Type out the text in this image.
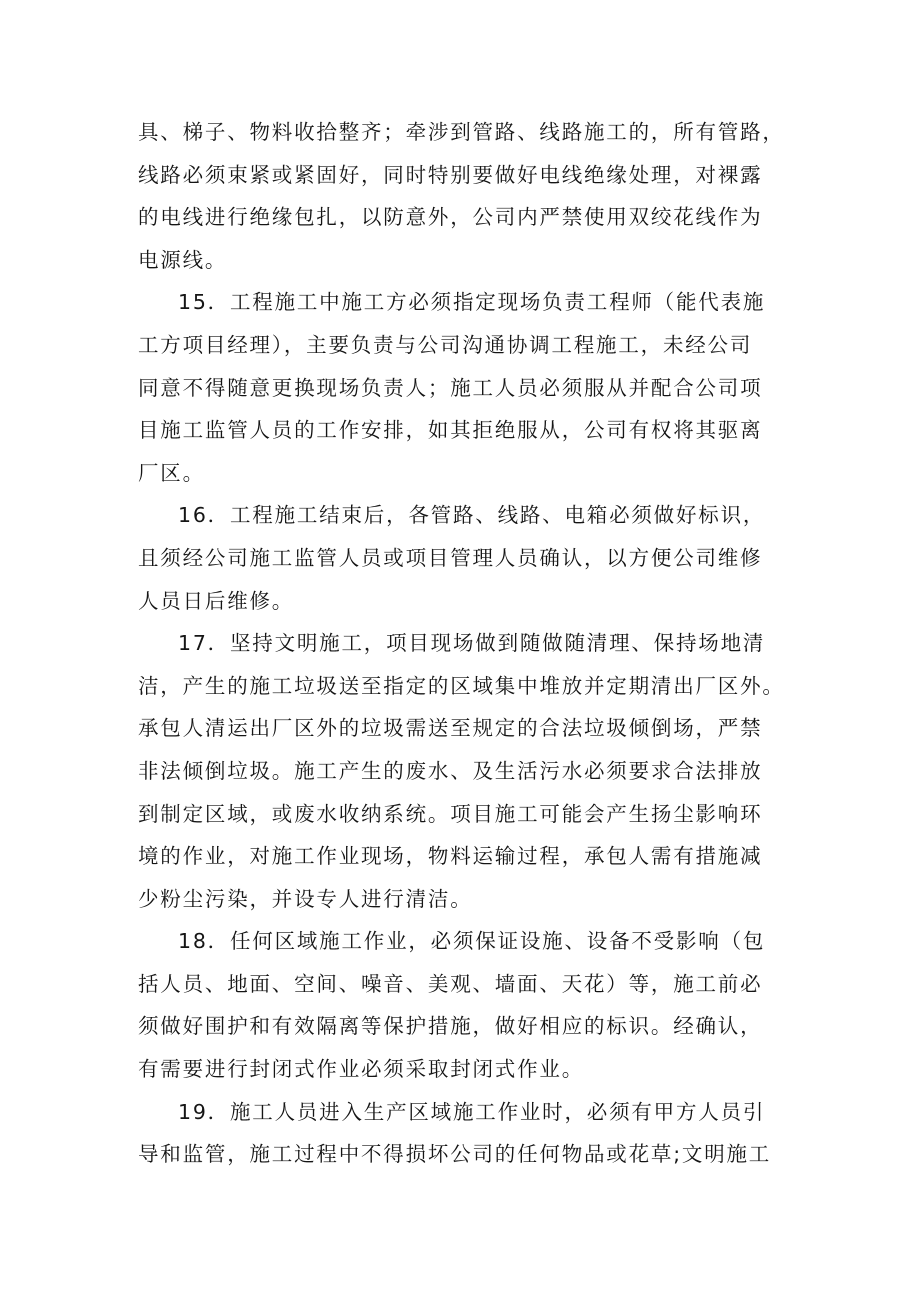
具、梯子、物料收拾整齐；牵涉到管路、线路施工的，所有管路，
线路必须束紧或紧固好，同时特别要做好电线绝缘处理，对裸露
的电线进行绝缘包扎，以防意外，公司内严禁使用双绞花线作为
电源线。
15．工程施工中施工方必须指定现场负责工程师（能代表施
工方项目经理），主要负责与公司沟通协调工程施工，未经公司
同意不得随意更换现场负责人；施工人员必须服从并配合公司项
目施工监管人员的工作安排，如其拒绝服从，公司有权将其驱离
厂区。
16．工程施工结束后，各管路、线路、电箱必须做好标识，
且须经公司施工监管人员或项目管理人员确认，以方便公司维修
人员日后维修。
17．坚持文明施工，项目现场做到随做随清理、保持场地清
洁，产生的施工垃圾送至指定的区域集中堆放并定期清出厂区外。
承包人清运出厂区外的垃圾需送至规定的合法垃圾倾倒场，严禁
非法倾倒垃圾。施工产生的废水、及生活污水必须要求合法排放
到制定区域，或废水收纳系统。项目施工可能会产生扬尘影响环
境的作业，对施工作业现场，物料运输过程，承包人需有措施减
少粉尘污染，并设专人进行清洁。
18．任何区域施工作业，必须保证设施、设备不受影响（包
括人员、地面、空间、噪音、美观、墙面、天花）等，施工前必
须做好围护和有效隔离等保护措施，做好相应的标识。经确认，
有需要进行封闭式作业必须采取封闭式作业。
19．施工人员进入生产区域施工作业时，必须有甲方人员引
导和监管，施工过程中不得损坏公司的任何物品或花草;文明施工
